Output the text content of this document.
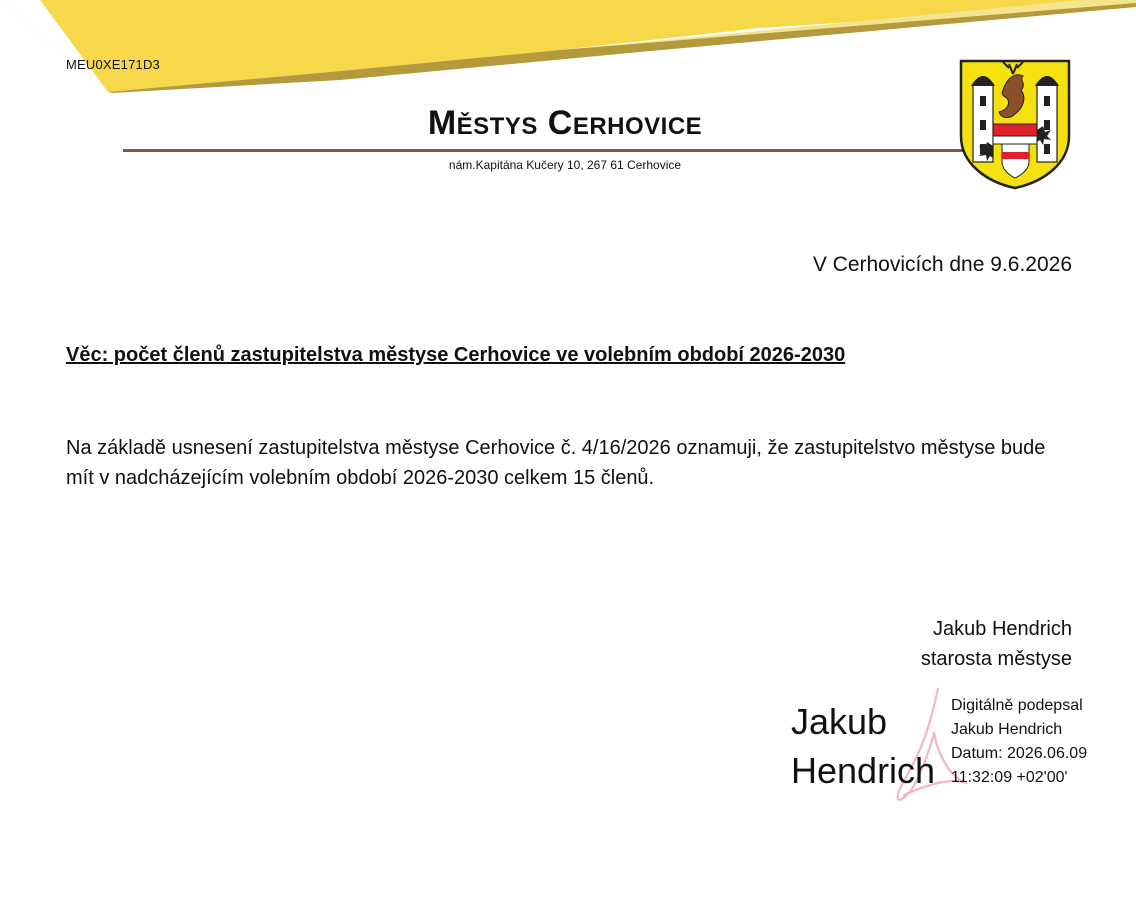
MEU0XE171D3
Městys Cerhovice
nám.Kapitána Kučery 10, 267 61 Cerhovice
V Cerhovicích dne 9.6.2026
Věc: počet členů zastupitelstva městyse Cerhovice ve volebním období 2026-2030
Na základě usnesení zastupitelstva městyse Cerhovice č. 4/16/2026 oznamuji, že zastupitelstvo městyse bude mít v nadcházejícím volebním období 2026-2030 celkem 15 členů.
Jakub Hendrich
starosta městyse
Jakub
Hendrich
Digitálně podepsal
Jakub Hendrich
Datum: 2026.06.09
11:32:09 +02'00'
